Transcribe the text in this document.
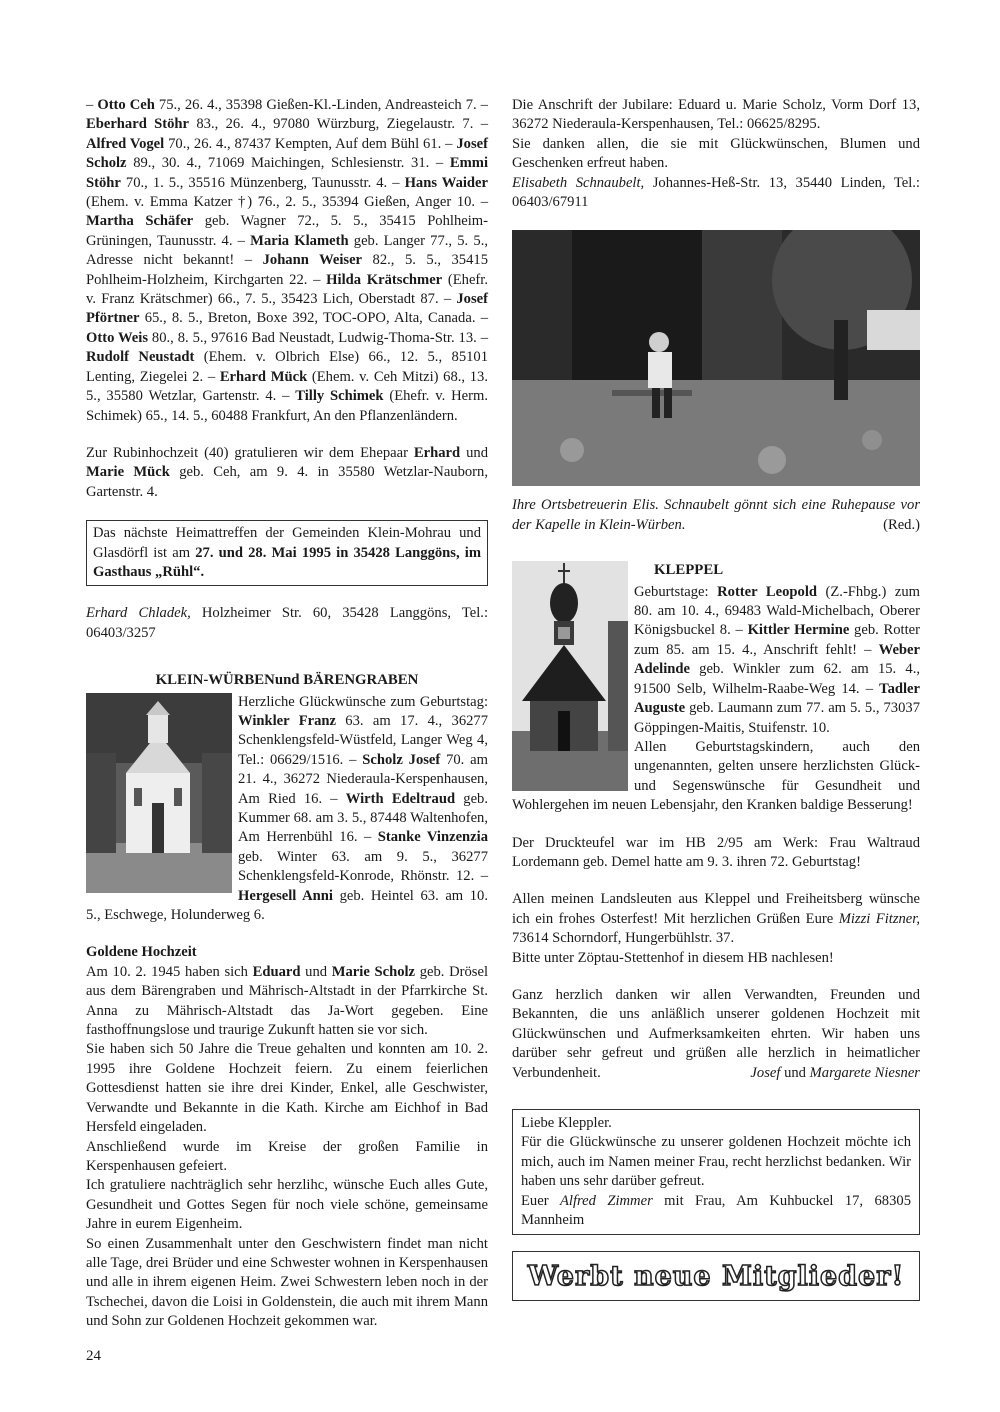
– Otto Ceh 75., 26. 4., 35398 Gießen-Kl.-Linden, Andreasteich 7. – Eberhard Stöhr 83., 26. 4., 97080 Würzburg, Ziegelaustr. 7. – Alfred Vogel 70., 26. 4., 87437 Kempten, Auf dem Bühl 61. – Josef Scholz 89., 30. 4., 71069 Maichingen, Schlesienstr. 31. – Emmi Stöhr 70., 1. 5., 35516 Münzenberg, Taunusstr. 4. – Hans Waider (Ehem. v. Emma Katzer †) 76., 2. 5., 35394 Gießen, Anger 10. – Martha Schäfer geb. Wagner 72., 5. 5., 35415 Pohlheim-Grüningen, Taunusstr. 4. – Maria Klameth geb. Langer 77., 5. 5., Adresse nicht bekannt! – Johann Weiser 82., 5. 5., 35415 Pohlheim-Holzheim, Kirchgarten 22. – Hilda Krätschmer (Ehefr. v. Franz Krätschmer) 66., 7. 5., 35423 Lich, Oberstadt 87. – Josef Pförtner 65., 8. 5., Breton, Boxe 392, TOC-OPO, Alta, Canada. – Otto Weis 80., 8. 5., 97616 Bad Neustadt, Ludwig-Thoma-Str. 13. – Rudolf Neustadt (Ehem. v. Olbrich Else) 66., 12. 5., 85101 Lenting, Ziegelei 2. – Erhard Mück (Ehem. v. Ceh Mitzi) 68., 13. 5., 35580 Wetzlar, Gartenstr. 4. – Tilly Schimek (Ehefr. v. Herm. Schimek) 65., 14. 5., 60488 Frankfurt, An den Pflanzenländern.

Zur Rubinhochzeit (40) gratulieren wir dem Ehepaar Erhard und Marie Mück geb. Ceh, am 9. 4. in 35580 Wetzlar-Nauborn, Gartenstr. 4.

Das nächste Heimattreffen der Gemeinden Klein-Mohrau und Glasdörfl ist am 27. und 28. Mai 1995 in 35428 Langgöns, im Gasthaus „Rühl“.

Erhard Chladek, Holzheimer Str. 60, 35428 Langgöns, Tel.: 06403/3257

KLEIN-WÜRBENund BÄRENGRABEN

Herzliche Glückwünsche zum Geburtstag: Winkler Franz 63. am 17. 4., 36277 Schenklengsfeld-Wüstfeld, Langer Weg 4, Tel.: 06629/1516. – Scholz Josef 70. am 21. 4., 36272 Niederaula-Kerspenhausen, Am Ried 16. – Wirth Edeltraud geb. Kummer 68. am 3. 5., 87448 Waltenhofen, Am Herrenbühl 16. – Stanke Vinzenzia geb. Winter 63. am 9. 5., 36277 Schenklengsfeld-Konrode, Rhönstr. 12. – Hergesell Anni geb. Heintel 63. am 10. 5., Eschwege, Holunderweg 6.

Goldene Hochzeit

Am 10. 2. 1945 haben sich Eduard und Marie Scholz geb. Drösel aus dem Bärengraben und Mährisch-Altstadt in der Pfarrkirche St. Anna zu Mährisch-Altstadt das Ja-Wort gegeben. Eine fasthoffnungslose und traurige Zukunft hatten sie vor sich.

Sie haben sich 50 Jahre die Treue gehalten und konnten am 10. 2. 1995 ihre Goldene Hochzeit feiern. Zu einem feierlichen Gottesdienst hatten sie ihre drei Kinder, Enkel, alle Geschwister, Verwandte und Bekannte in die Kath. Kirche am Eichhof in Bad Hersfeld eingeladen.

Anschließend wurde im Kreise der großen Familie in Kerspenhausen gefeiert.

Ich gratuliere nachträglich sehr herzlihc, wünsche Euch alles Gute, Gesundheit und Gottes Segen für noch viele schöne, gemeinsame Jahre in eurem Eigenheim.

So einen Zusammenhalt unter den Geschwistern findet man nicht alle Tage, drei Brüder und eine Schwester wohnen in Kerspenhausen und alle in ihrem eigenen Heim. Zwei Schwestern leben noch in der Tschechei, davon die Loisi in Goldenstein, die auch mit ihrem Mann und Sohn zur Goldenen Hochzeit gekommen war.

Die Anschrift der Jubilare: Eduard u. Marie Scholz, Vorm Dorf 13, 36272 Niederaula-Kerspenhausen, Tel.: 06625/8295.

Sie danken allen, die sie mit Glückwünschen, Blumen und Geschenken erfreut haben.

Elisabeth Schnaubelt, Johannes-Heß-Str. 13, 35440 Linden, Tel.: 06403/67911

Ihre Ortsbetreuerin Elis. Schnaubelt gönnt sich eine Ruhepause vor der Kapelle in Klein-Würben.	(Red.)

KLEPPEL

Geburtstage: Rotter Leopold (Z.-Fhbg.) zum 80. am 10. 4., 69483 Wald-Michelbach, Oberer Königsbuckel 8. – Kittler Hermine geb. Rotter zum 85. am 15. 4., Anschrift fehlt! – Weber Adelinde geb. Winkler zum 62. am 15. 4., 91500 Selb, Wilhelm-Raabe-Weg 14. – Tadler Auguste geb. Laumann zum 77. am 5. 5., 73037 Göppingen-Maitis, Stuifenstr. 10.

Allen Geburtstagskindern, auch den ungenannten, gelten unsere herzlichsten Glück- und Segenswünsche für Gesundheit und Wohlergehen im neuen Lebensjahr, den Kranken baldige Besserung!

Der Druckteufel war im HB 2/95 am Werk: Frau Waltraud Lordemann geb. Demel hatte am 9. 3. ihren 72. Geburtstag!

Allen meinen Landsleuten aus Kleppel und Freiheitsberg wünsche ich ein frohes Osterfest! Mit herzlichen Grüßen Eure Mizzi Fitzner, 73614 Schorndorf, Hungerbühlstr. 37.

Bitte unter Zöptau-Stettenhof in diesem HB nachlesen!

Ganz herzlich danken wir allen Verwandten, Freunden und Bekannten, die uns anläßlich unserer goldenen Hochzeit mit Glückwünschen und Aufmerksamkeiten ehrten. Wir haben uns darüber sehr gefreut und grüßen alle herzlich in heimatlicher Verbundenheit.	Josef und Margarete Niesner

Liebe Kleppler.

Für die Glückwünsche zu unserer goldenen Hochzeit möchte ich mich, auch im Namen meiner Frau, recht herzlichst bedanken. Wir haben uns sehr darüber gefreut.

Euer Alfred Zimmer mit Frau, Am Kuhbuckel 17, 68305 Mannheim

Werbt neue Mitglieder!
24
